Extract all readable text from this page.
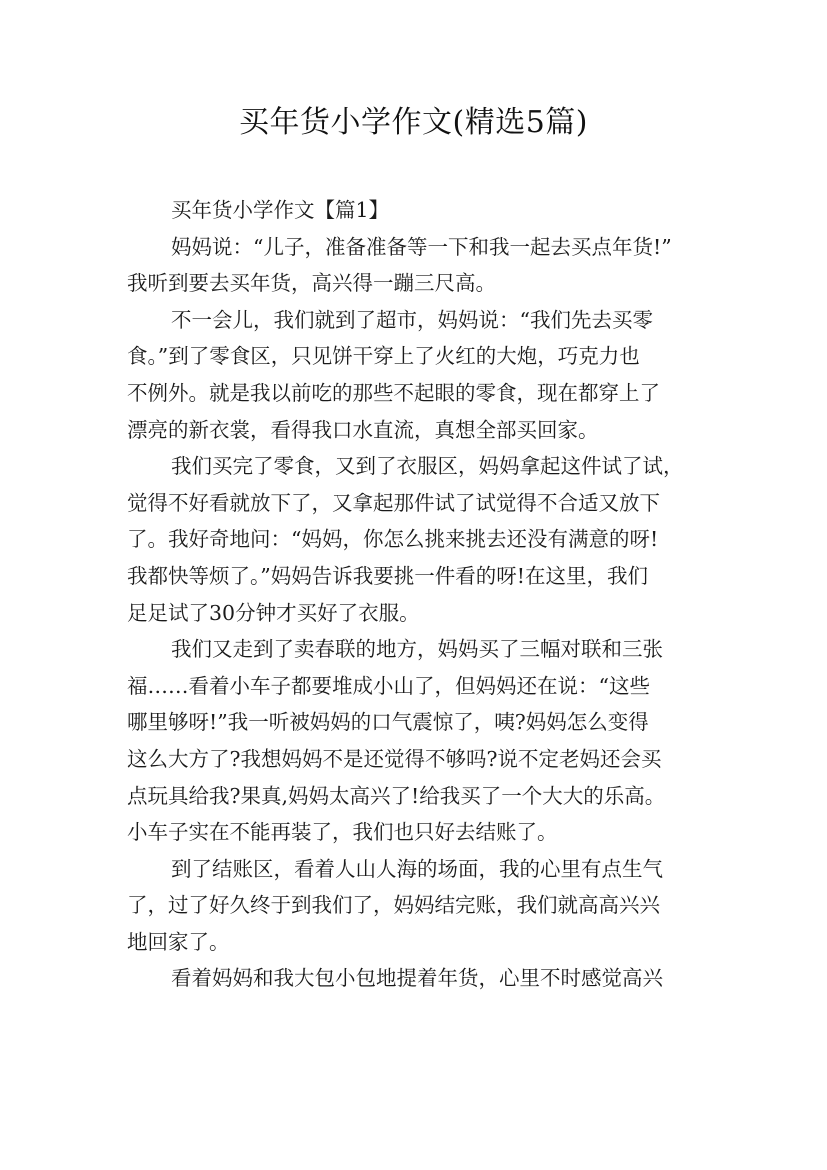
买年货小学作文(精选5篇)
买年货小学作文【篇1】
妈妈说：“儿子，准备准备等一下和我一起去买点年货!”
我听到要去买年货，高兴得一蹦三尺高。
不一会儿，我们就到了超市，妈妈说：“我们先去买零
食。”到了零食区，只见饼干穿上了火红的大炮，巧克力也
不例外。就是我以前吃的那些不起眼的零食，现在都穿上了
漂亮的新衣裳，看得我口水直流，真想全部买回家。
我们买完了零食，又到了衣服区，妈妈拿起这件试了试，
觉得不好看就放下了，又拿起那件试了试觉得不合适又放下
了。我好奇地问：“妈妈，你怎么挑来挑去还没有满意的呀!
我都快等烦了。”妈妈告诉我要挑一件看的呀!在这里，我们
足足试了30分钟才买好了衣服。
我们又走到了卖春联的地方，妈妈买了三幅对联和三张
福……看着小车子都要堆成小山了，但妈妈还在说：“这些
哪里够呀!”我一听被妈妈的口气震惊了，咦?妈妈怎么变得
这么大方了?我想妈妈不是还觉得不够吗?说不定老妈还会买
点玩具给我?果真,妈妈太高兴了!给我买了一个大大的乐高。
小车子实在不能再装了，我们也只好去结账了。
到了结账区，看着人山人海的场面，我的心里有点生气
了，过了好久终于到我们了，妈妈结完账，我们就高高兴兴
地回家了。
看着妈妈和我大包小包地提着年货，心里不时感觉高兴
